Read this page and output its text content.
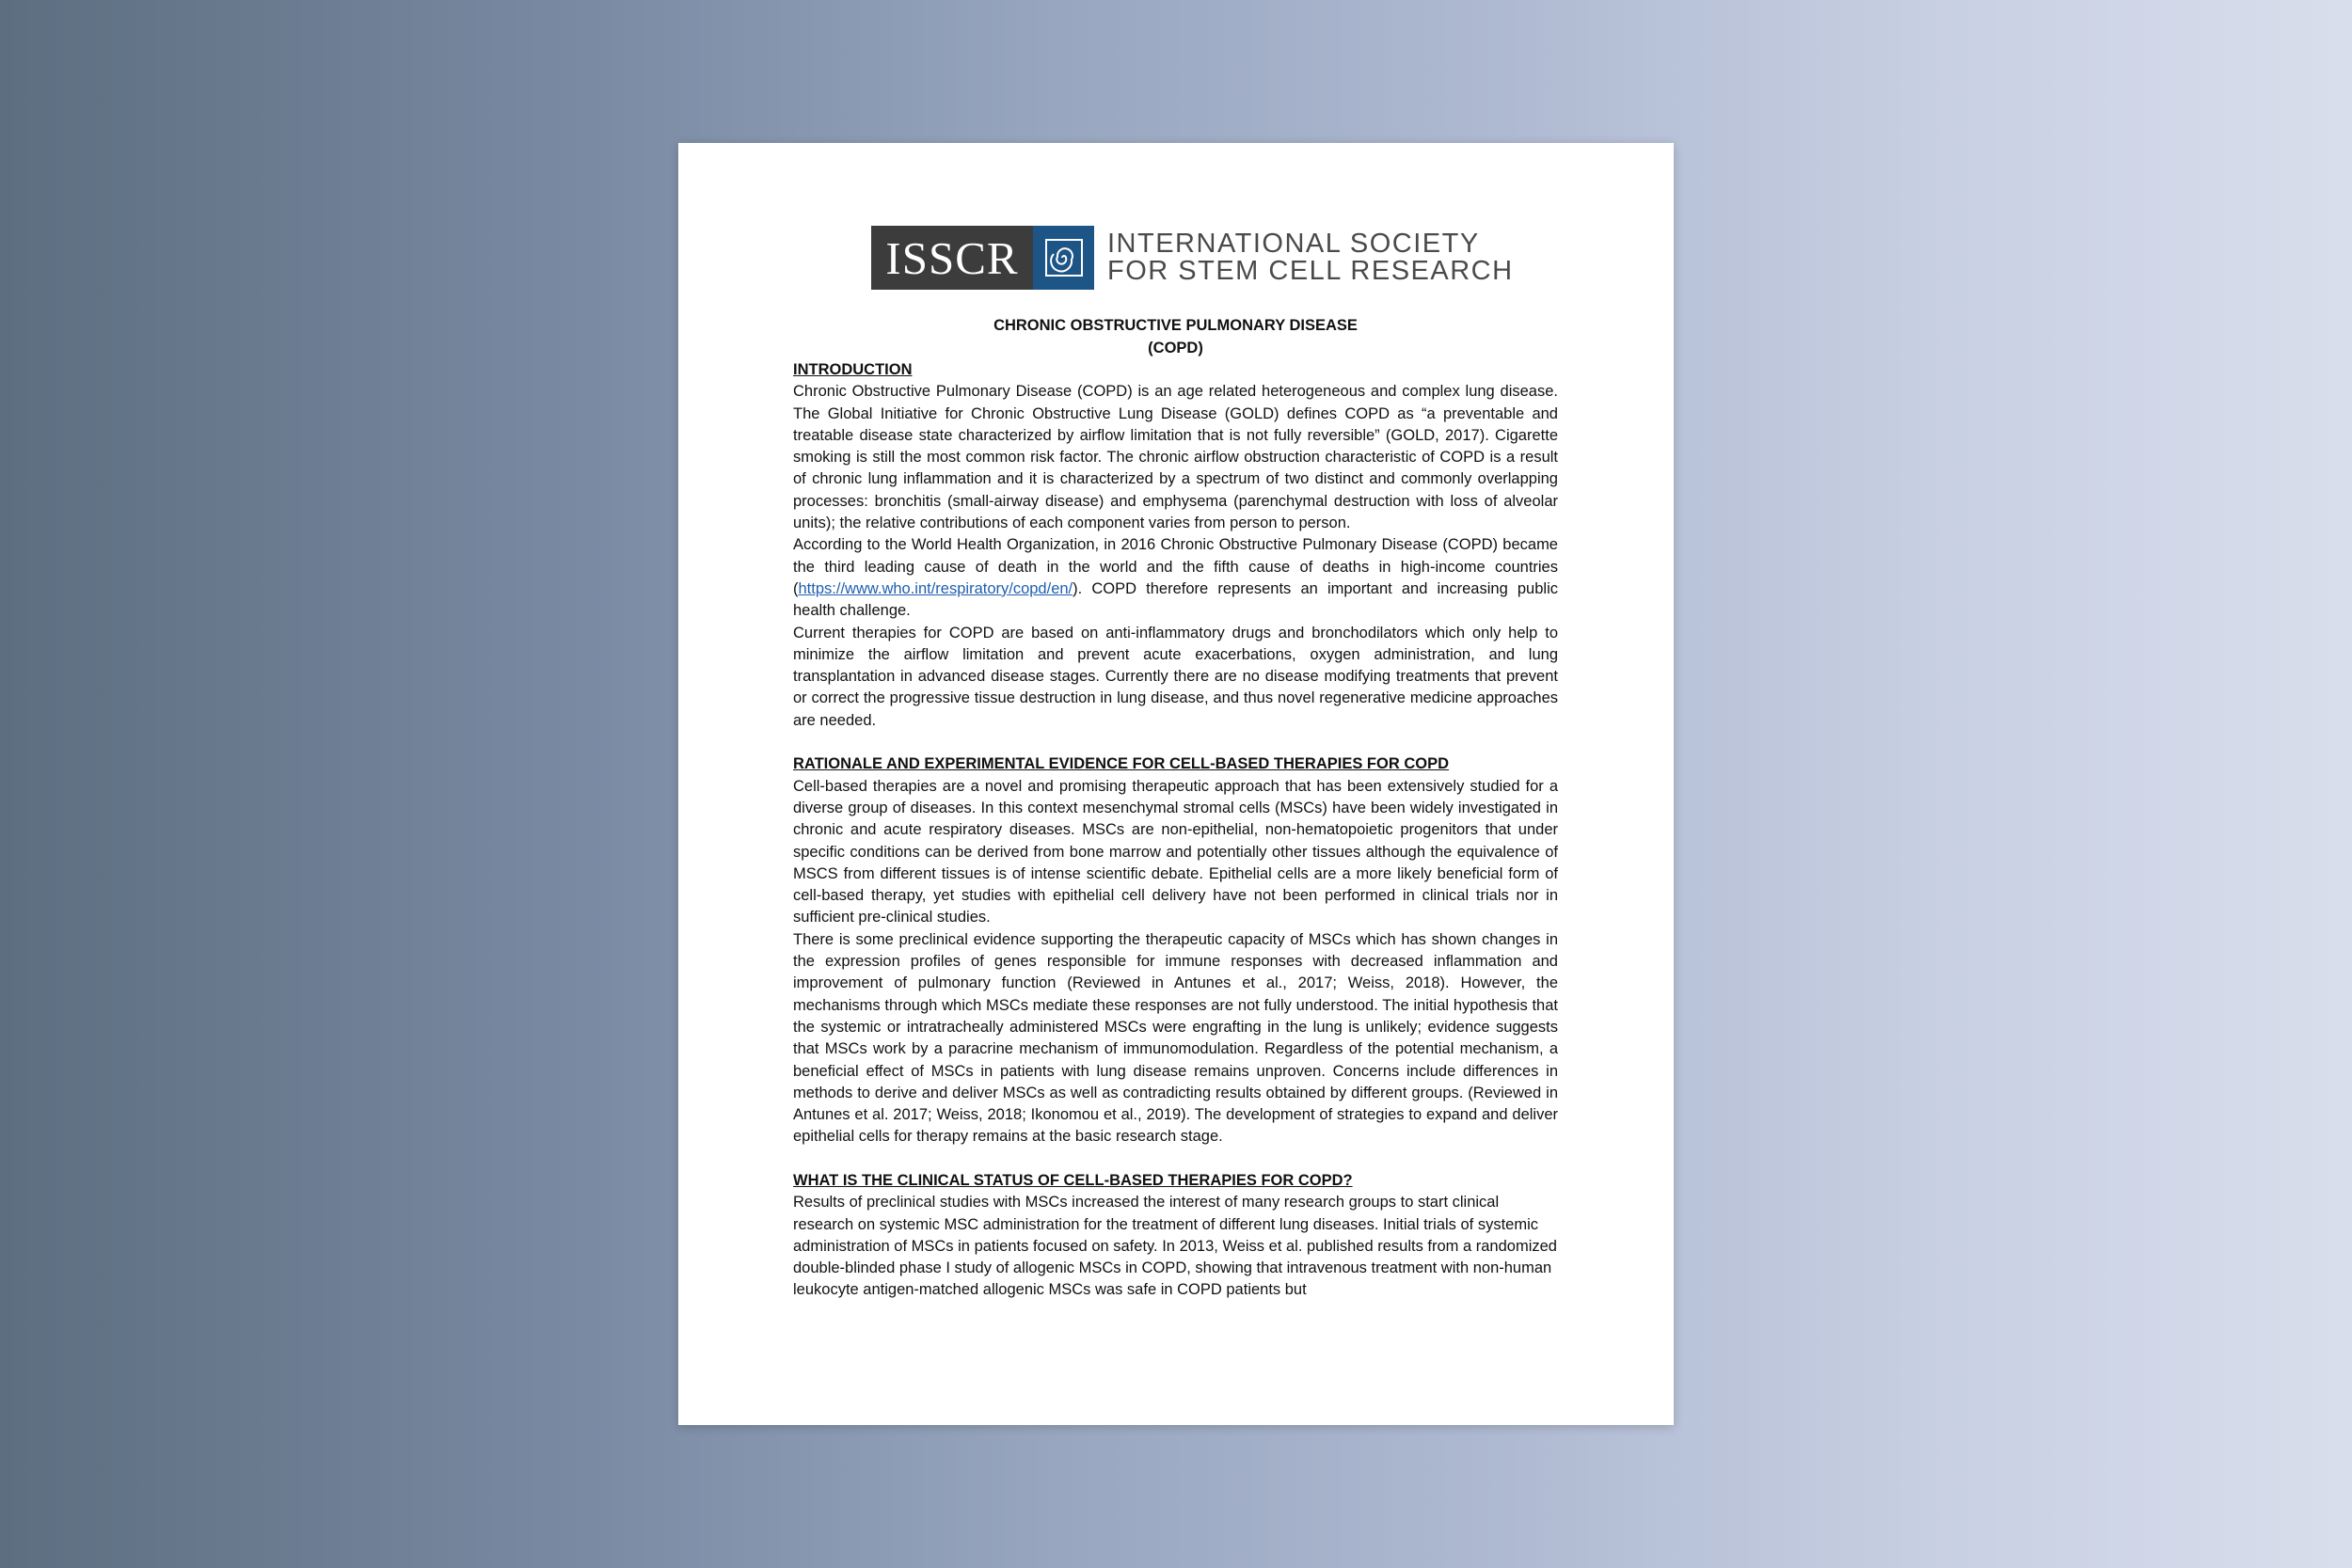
ISSCR	INTERNATIONAL SOCIETY
FOR STEM CELL RESEARCH
CHRONIC OBSTRUCTIVE PULMONARY DISEASE
(COPD)

INTRODUCTION

Chronic Obstructive Pulmonary Disease (COPD) is an age related heterogeneous and complex lung disease. The Global Initiative for Chronic Obstructive Lung Disease (GOLD) defines COPD as “a preventable and treatable disease state characterized by airflow limitation that is not fully reversible” (GOLD, 2017). Cigarette smoking is still the most common risk factor. The chronic airflow obstruction characteristic of COPD is a result of chronic lung inflammation and it is characterized by a spectrum of two distinct and commonly overlapping processes: bronchitis (small-airway disease) and emphysema (parenchymal destruction with loss of alveolar units); the relative contributions of each component varies from person to person.

According to the World Health Organization, in 2016 Chronic Obstructive Pulmonary Disease (COPD) became the third leading cause of death in the world and the fifth cause of deaths in high-income countries (https://www.who.int/respiratory/copd/en/). COPD therefore represents an important and increasing public health challenge.

Current therapies for COPD are based on anti-inflammatory drugs and bronchodilators which only help to minimize the airflow limitation and prevent acute exacerbations, oxygen administration, and lung transplantation in advanced disease stages. Currently there are no disease modifying treatments that prevent or correct the progressive tissue destruction in lung disease, and thus novel regenerative medicine approaches are needed.

RATIONALE AND EXPERIMENTAL EVIDENCE FOR CELL-BASED THERAPIES FOR COPD

Cell-based therapies are a novel and promising therapeutic approach that has been extensively studied for a diverse group of diseases. In this context mesenchymal stromal cells (MSCs) have been widely investigated in chronic and acute respiratory diseases. MSCs are non-epithelial, non-hematopoietic progenitors that under specific conditions can be derived from bone marrow and potentially other tissues although the equivalence of MSCS from different tissues is of intense scientific debate. Epithelial cells are a more likely beneficial form of cell-based therapy, yet studies with epithelial cell delivery have not been performed in clinical trials nor in sufficient pre-clinical studies.

There is some preclinical evidence supporting the therapeutic capacity of MSCs which has shown changes in the expression profiles of genes responsible for immune responses with decreased inflammation and improvement of pulmonary function (Reviewed in Antunes et al., 2017; Weiss, 2018). However, the mechanisms through which MSCs mediate these responses are not fully understood. The initial hypothesis that the systemic or intratracheally administered MSCs were engrafting in the lung is unlikely; evidence suggests that MSCs work by a paracrine mechanism of immunomodulation. Regardless of the potential mechanism, a beneficial effect of MSCs in patients with lung disease remains unproven. Concerns include differences in methods to derive and deliver MSCs as well as contradicting results obtained by different groups. (Reviewed in Antunes et al. 2017; Weiss, 2018; Ikonomou et al., 2019). The development of strategies to expand and deliver epithelial cells for therapy remains at the basic research stage.

WHAT IS THE CLINICAL STATUS OF CELL-BASED THERAPIES FOR COPD?

Results of preclinical studies with MSCs increased the interest of many research groups to start clinical research on systemic MSC administration for the treatment of different lung diseases. Initial trials of systemic administration of MSCs in patients focused on safety. In 2013, Weiss et al. published results from a randomized double-blinded phase I study of allogenic MSCs in COPD, showing that intravenous treatment with non-human leukocyte antigen-matched allogenic MSCs was safe in COPD patients but
